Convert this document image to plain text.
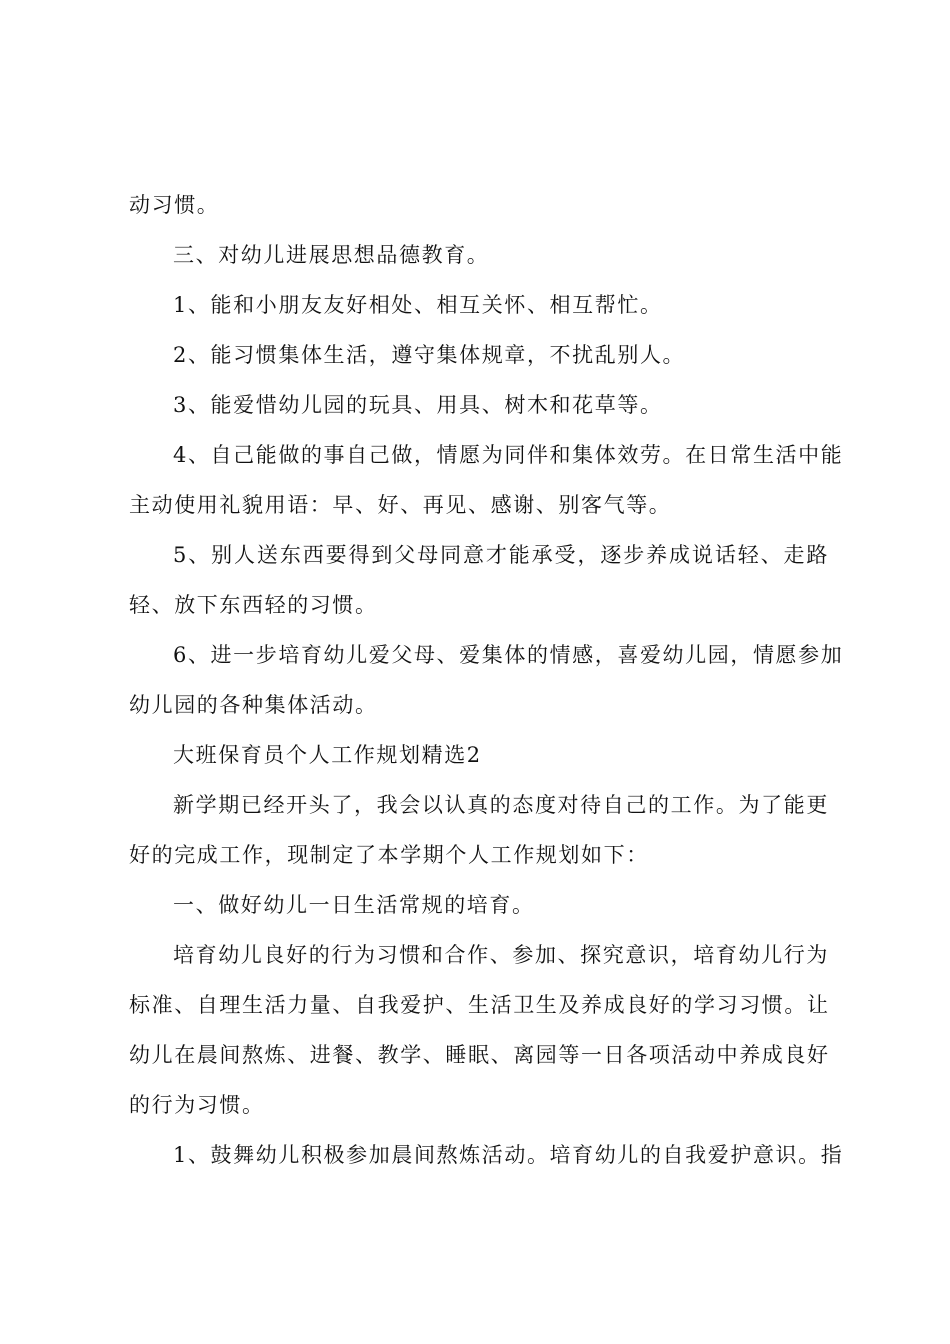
动习惯。
三、对幼儿进展思想品德教育。
1、能和小朋友友好相处、相互关怀、相互帮忙。
2、能习惯集体生活，遵守集体规章，不扰乱别人。
3、能爱惜幼儿园的玩具、用具、树木和花草等。
4、自己能做的事自己做，情愿为同伴和集体效劳。在日常生活中能
主动使用礼貌用语：早、好、再见、感谢、别客气等。
5、别人送东西要得到父母同意才能承受，逐步养成说话轻、走路
轻、放下东西轻的习惯。
6、进一步培育幼儿爱父母、爱集体的情感，喜爱幼儿园，情愿参加
幼儿园的各种集体活动。
大班保育员个人工作规划精选2
新学期已经开头了，我会以认真的态度对待自己的工作。为了能更
好的完成工作，现制定了本学期个人工作规划如下：
一、做好幼儿一日生活常规的培育。
培育幼儿良好的行为习惯和合作、参加、探究意识，培育幼儿行为
标准、自理生活力量、自我爱护、生活卫生及养成良好的学习习惯。让
幼儿在晨间熬炼、进餐、教学、睡眠、离园等一日各项活动中养成良好
的行为习惯。
1、鼓舞幼儿积极参加晨间熬炼活动。培育幼儿的自我爱护意识。指
